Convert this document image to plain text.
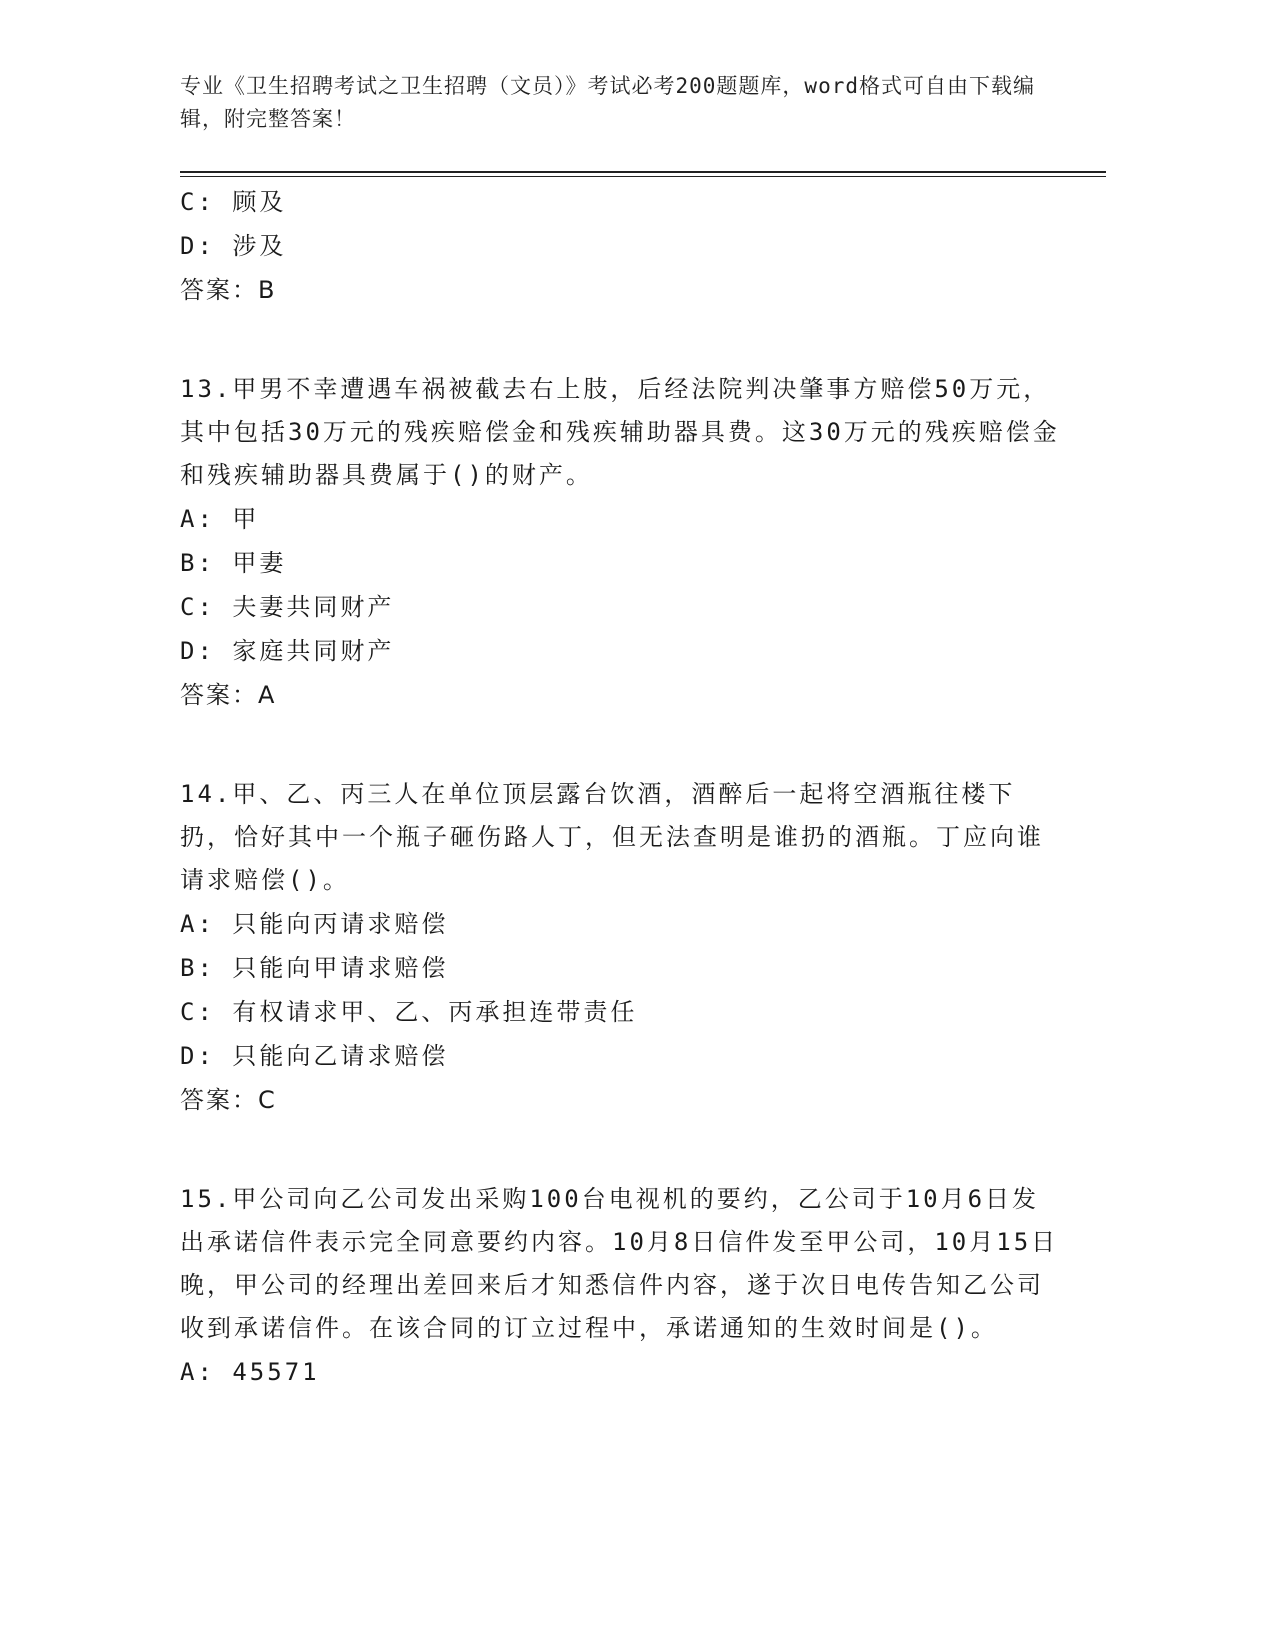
专业《卫生招聘考试之卫生招聘（文员）》考试必考200题题库，word格式可自由下载编辑，附完整答案！
C: 顾及
D: 涉及
答案：B
13.甲男不幸遭遇车祸被截去右上肢，后经法院判决肇事方赔偿50万元，其中包括30万元的残疾赔偿金和残疾辅助器具费。这30万元的残疾赔偿金和残疾辅助器具费属于()的财产。
A: 甲
B: 甲妻
C: 夫妻共同财产
D: 家庭共同财产
答案：A
14.甲、乙、丙三人在单位顶层露台饮酒，酒醉后一起将空酒瓶往楼下扔，恰好其中一个瓶子砸伤路人丁，但无法查明是谁扔的酒瓶。丁应向谁请求赔偿()。
A: 只能向丙请求赔偿
B: 只能向甲请求赔偿
C: 有权请求甲、乙、丙承担连带责任
D: 只能向乙请求赔偿
答案：C
15.甲公司向乙公司发出采购100台电视机的要约，乙公司于10月6日发出承诺信件表示完全同意要约内容。10月8日信件发至甲公司，10月15日晚，甲公司的经理出差回来后才知悉信件内容，遂于次日电传告知乙公司收到承诺信件。在该合同的订立过程中，承诺通知的生效时间是()。
A: 45571
